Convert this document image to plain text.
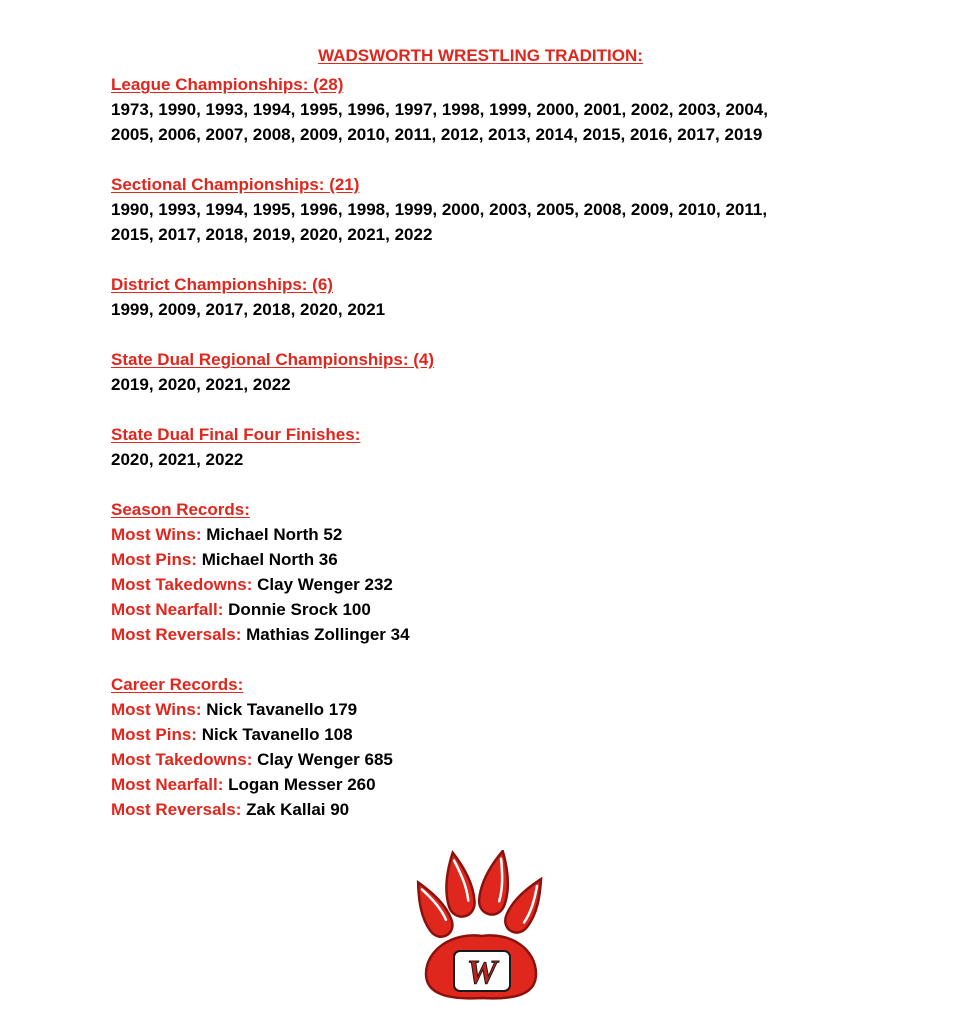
WADSWORTH WRESTLING TRADITION:
League Championships: (28)
1973, 1990, 1993, 1994, 1995, 1996, 1997, 1998, 1999, 2000, 2001, 2002, 2003, 2004,
2005, 2006, 2007, 2008, 2009, 2010, 2011, 2012, 2013, 2014, 2015, 2016, 2017, 2019
Sectional Championships: (21)
1990, 1993, 1994, 1995, 1996, 1998, 1999, 2000, 2003, 2005, 2008, 2009, 2010, 2011,
2015, 2017, 2018, 2019, 2020, 2021, 2022
District Championships: (6)
1999, 2009, 2017, 2018, 2020, 2021
State Dual Regional Championships: (4)
2019, 2020, 2021, 2022
State Dual Final Four Finishes:
2020, 2021, 2022
Season Records:
Most Wins: Michael North 52
Most Pins: Michael North 36
Most Takedowns: Clay Wenger 232
Most Nearfall: Donnie Srock 100
Most Reversals: Mathias Zollinger 34
Career Records:
Most Wins: Nick Tavanello 179
Most Pins: Nick Tavanello 108
Most Takedowns: Clay Wenger 685
Most Nearfall: Logan Messer 260
Most Reversals: Zak Kallai 90
W
